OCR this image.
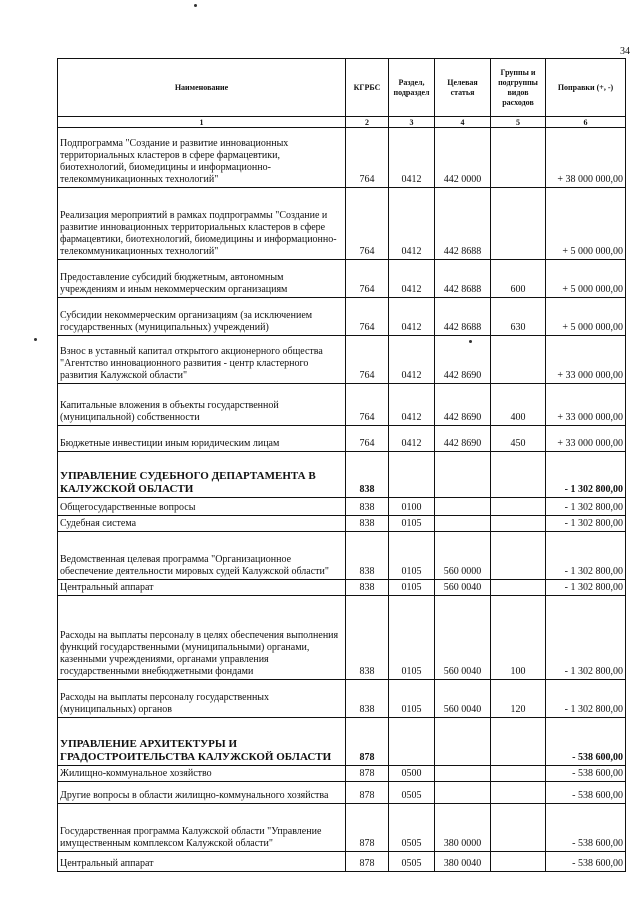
34
Наименование	КГРБС	Раздел, подраздел	Целевая статья	Группы и подгруппы видов расходов	Поправки (+, -)
1	2	3	4	5	6
Подпрограмма "Создание и развитие инновационных территориальных кластеров в сфере фармацевтики, биотехнологий, биомедицины и информационно-телекоммуникационных технологий"	764	0412	442 0000		+ 38 000 000,00
Реализация мероприятий в рамках подпрограммы "Создание и развитие инновационных территориальных кластеров в сфере фармацевтики, биотехнологий, биомедицины и информационно-телекоммуникационных технологий"	764	0412	442 8688		+ 5 000 000,00
Предоставление субсидий бюджетным, автономным учреждениям и иным некоммерческим организациям	764	0412	442 8688	600	+ 5 000 000,00
Субсидии некоммерческим организациям (за исключением государственных (муниципальных) учреждений)	764	0412	442 8688	630	+ 5 000 000,00
Взнос в уставный капитал открытого акционерного общества "Агентство инновационного развития - центр кластерного развития Калужской области"	764	0412	442 8690		+ 33 000 000,00
Капитальные вложения в объекты государственной (муниципальной) собственности	764	0412	442 8690	400	+ 33 000 000,00
Бюджетные инвестиции иным юридическим лицам	764	0412	442 8690	450	+ 33 000 000,00
УПРАВЛЕНИЕ СУДЕБНОГО ДЕПАРТАМЕНТА В КАЛУЖСКОЙ ОБЛАСТИ	838				- 1 302 800,00
Общегосударственные вопросы	838	0100			- 1 302 800,00
Судебная система	838	0105			- 1 302 800,00
Ведомственная целевая программа "Организационное обеспечение деятельности мировых судей Калужской области"	838	0105	560 0000		- 1 302 800,00
Центральный аппарат	838	0105	560 0040		- 1 302 800,00
Расходы на выплаты персоналу в целях обеспечения выполнения функций государственными (муниципальными) органами, казенными учреждениями, органами управления государственными внебюджетными фондами	838	0105	560 0040	100	- 1 302 800,00
Расходы на выплаты персоналу государственных (муниципальных) органов	838	0105	560 0040	120	- 1 302 800,00
УПРАВЛЕНИЕ АРХИТЕКТУРЫ И ГРАДОСТРОИТЕЛЬСТВА КАЛУЖСКОЙ ОБЛАСТИ	878				- 538 600,00
Жилищно-коммунальное хозяйство	878	0500			- 538 600,00
Другие вопросы в области жилищно-коммунального хозяйства	878	0505			- 538 600,00
Государственная программа Калужской области "Управление имущественным комплексом Калужской области"	878	0505	380 0000		- 538 600,00
Центральный аппарат	878	0505	380 0040		- 538 600,00
